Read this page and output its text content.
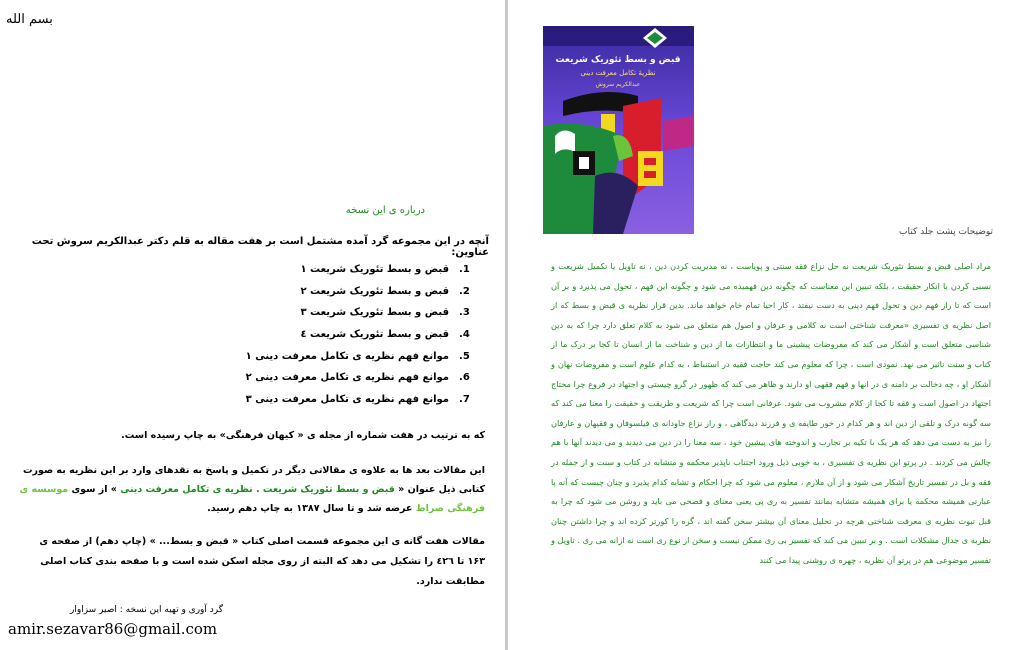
بسم الله
درباره ی این نسخه
آنچه در این مجموعه گرد آمده مشتمل است بر هفت مقاله به قلم دکتر عبدالکریم سروش تحت عناوین:
1.
قبض و بسط تئوریک شریعت ۱
2.
قبض و بسط تئوریک شریعت ۲
3.
قبض و بسط تئوریک شریعت ۳
4.
قبض و بسط تئوریک شریعت ٤
5.
موانع فهم نظریه ی تکامل معرفت دینی ۱
6.
موانع فهم نظریه ی تکامل معرفت دینی ۲
7.
موانع فهم نظریه ی تکامل معرفت دینی ۳
که به ترتیب در هفت شماره از مجله ی « کیهان فرهنگی» به چاپ رسیده است.
این مقالات بعد ها به علاوه ی مقالاتی دیگر در تکمیل و پاسخ به نقدهای وارد بر این نظریه به صورت کتابی ذیل عنوان « قبض و بسط تئوریک شریعت . نظریه ی تکامل معرفت دینی » از سوی موسسه ی فرهنگی صراط عرضه شد و تا سال ۱۳۸۷ به چاپ دهم رسید.
مقالات هفت گانه ی این مجموعه قسمت اصلی کتاب « قبض و بسط... » (چاپ دهم) از صفحه ی ۱۶۳ تا ٤۲٦ را تشکیل می دهد که البته از روی مجله اسکن شده است و با صفحه بندی کتاب اصلی مطابقت ندارد.
گرد آوری و تهیه این نسخه : اصیر سزاوار
amir.sezavar86@gmail.com
قبض و بسط تئوریک شریعت
نظریهٔ تکامل معرفت دینی
عبدالکریم سروش
توضیحات پشت جلد کتاب
مراد اصلی قبض و بسط تئوریک شریعت نه حل نزاع فقه سنتی و پویاست ، نه مدیریت کردن دین ، نه تاویل یا تکمیل شریعت و نسبی کردن یا انکار حقیقت ، بلکه تبیین این معناست که چگونه دین فهمیده می شود و چگونه این فهم ، تحول می پذیرد و بر آن است که تا راز فهم دین و تحول فهم دینی به دست نیفتد ، کار احیا تمام خام خواهد ماند. بدین قرار نظریه ی قبض و بسط که از اصل نظریه ی تفسیری «معرفت شناختی است نه کلامی و عرفان و اصول هم متعلق می شود به کلام تعلق دارد چرا که به دین شناسی متعلق است و آشکار می کند که مفروضات پیشینی ما و انتظارات ما از دین و شناخت ما از انسان تا کجا بر درک ما از کتاب و سنت تاثیر می نهد. نمودی است ، چرا که معلوم می کند حاجت فقیه در استنباط ، به کدام علوم است و مفروضات نهان و آشکار او ، چه دخالت بر دامنه ی در انها و فهم فقهی او دارند و ظاهر می کند که ظهور در گرو چیستی و اجتهاد در فروع چرا محتاج اجتهاد در اصول است و فقه تا کجا از کلام مشروب می شود. عرفانی است چرا که شریعت و طریقت و حقیقت را معنا می کند که سه گونه درک و تلقی از دین اند و هر کدام در خور طایفه ی و فرزند دیدگاهی ، و راز نزاع جاودانه ی فیلسوفان و فقیهان و عارفان را نیز به دست می دهد که هر یک با تکیه بر تجارب و اندوخته های پیشین خود ، سه معنا را در دین می دیدند و می دیدند آنها با هم چالش می کردند . در پرتو این نظریه ی تفسیری ، به خوبی ذیل ورود اجتناب ناپذیر محکمه و متشابه در کتاب و سنت و از جمله در فقه و بل در تفسیر تاریخ آشکار می شود و از آن ملازم ، معلوم می شود که چرا احکام و تشابه کدام پذیرد و چنان چیست که آنه پا عبارتی همیشه محکمه یا برای همیشه متشابه بمانند تفسیر به ری پی یعنی معنای و فصحی می باید و روشن می شود که چرا به قبل تبوت نظریه ی معرفت شناختی هرچه در تحلیل معنای آن بیشتر سخن گفته اند ، گره را کورتر کرده اند و چرا داشتن چنان نظریه ی جدال مشکلات است . و بر تبیین می کند که تفسیر بی ری ممکن نیست و سخن از نوع ری است نه ازانه می ری . تاویل و تفسیر موضوعی هم در پرتو آن نظریه ، چهره ی روشنی پیدا می کنند
